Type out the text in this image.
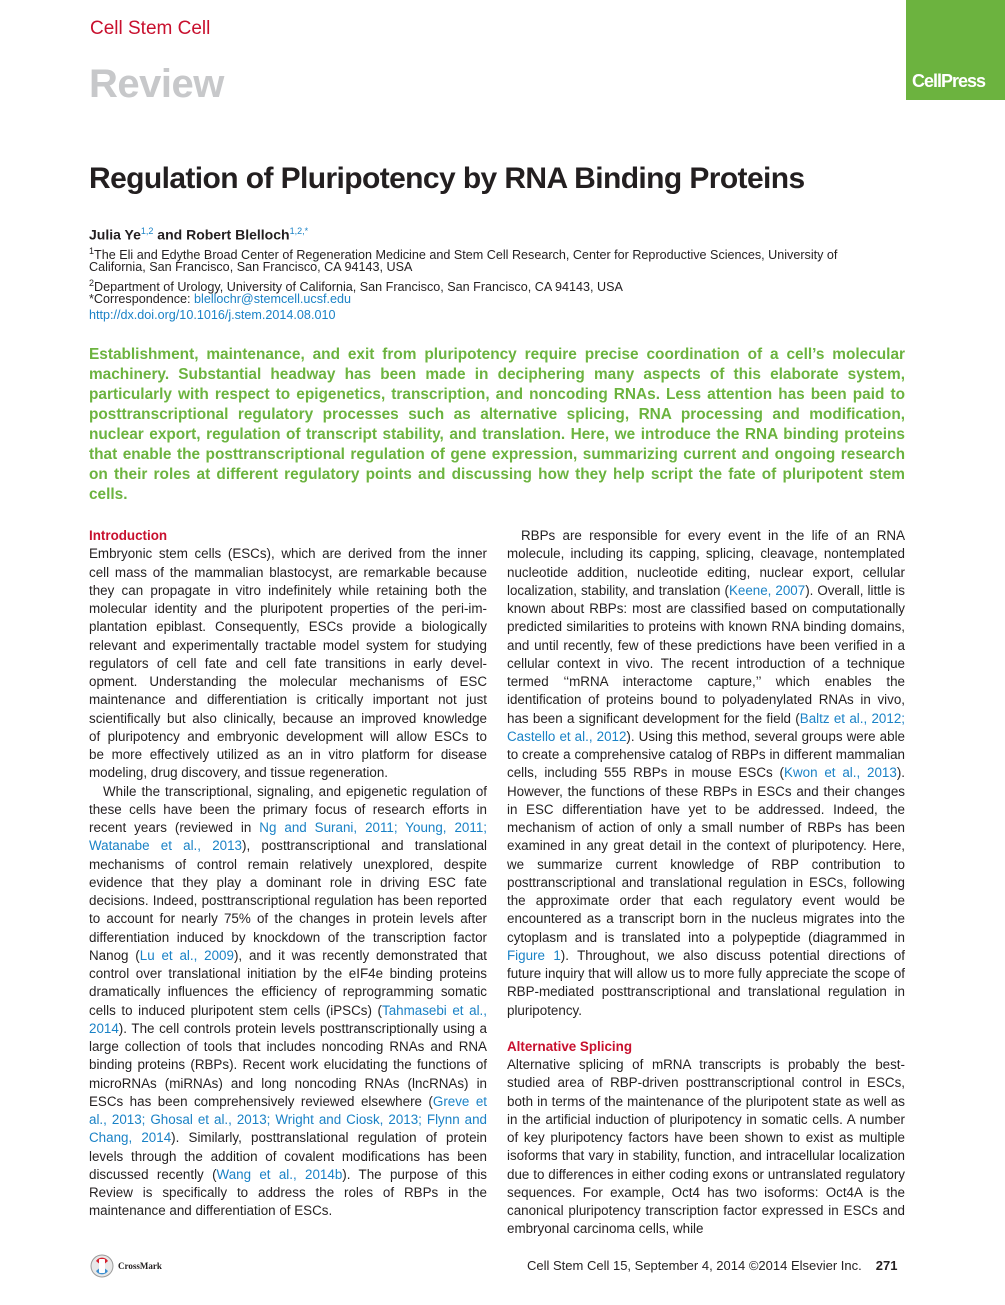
Cell Stem Cell
Review	CellPress
Regulation of Pluripotency by RNA Binding Proteins
Julia Ye$^{1,2}$ and Robert Blelloch$^{1,2,*}$
$^1$The Eli and Edythe Broad Center of Regeneration Medicine and Stem Cell Research, Center for Reproductive Sciences, University of
California, San Francisco, San Francisco, CA 94143, USA
$^2$Department of Urology, University of California, San Francisco, San Francisco, CA 94143, USA
*Correspondence: blellochr@stemcell.ucsf.edu
http://dx.doi.org/10.1016/j.stem.2014.08.010
Establishment, maintenance, and exit from pluripotency require precise coordination of a cell’s molecular machinery. Substantial headway has been made in deciphering many aspects of this elaborate system, particularly with respect to epigenetics, transcription, and noncoding RNAs. Less attention has been paid to posttranscriptional regulatory processes such as alternative splicing, RNA processing and modification, nuclear export, regulation of transcript stability, and translation. Here, we introduce the RNA binding proteins that enable the posttranscriptional regulation of gene expression, summarizing current and ongoing research on their roles at different regulatory points and discussing how they help script the fate of pluripotent stem cells.
Introduction
Embryonic stem cells (ESCs), which are derived from the inner
cell mass of the mammalian blastocyst, are remarkable because
they can propagate in vitro indefinitely while retaining both the
molecular identity and the pluripotent properties of the peri-im-
plantation epiblast. Consequently, ESCs provide a biologically
relevant and experimentally tractable model system for studying
regulators of cell fate and cell fate transitions in early devel-
opment. Understanding the molecular mechanisms of ESC
maintenance and differentiation is critically important not just
scientifically but also clinically, because an improved knowledge
of pluripotency and embryonic development will allow ESCs to
be more effectively utilized as an in vitro platform for disease
modeling, drug discovery, and tissue regeneration.

While the transcriptional, signaling, and epigenetic regulation of these cells have been the primary focus of research efforts in recent years (reviewed in Ng and Surani, 2011; Young, 2011; Watanabe et al., 2013), posttranscriptional and translational mechanisms of control remain relatively unexplored, despite evidence that they play a dominant role in driving ESC fate decisions. Indeed, posttranscriptional regulation has been reported to account for nearly 75% of the changes in protein levels after differentiation induced by knockdown of the transcription factor Nanog (Lu et al., 2009), and it was recently demonstrated that control over translational initiation by the eIF4e binding proteins dramatically influences the efficiency of reprogramming somatic cells to induced pluripotent stem cells (iPSCs) (Tahmasebi et al., 2014). The cell controls protein levels posttranscriptionally using a large collection of tools that includes noncoding RNAs and RNA binding proteins (RBPs). Recent work elucidating the functions of microRNAs (miRNAs) and long noncoding RNAs (lncRNAs) in ESCs has been comprehensively reviewed elsewhere (Greve et al., 2013; Ghosal et al., 2013; Wright and Ciosk, 2013; Flynn and Chang, 2014). Similarly, posttranslational regulation of protein levels through the addition of covalent modifications has been discussed recently (Wang et al., 2014b). The purpose of this Review is specifically to address the roles of RBPs in the maintenance and differentiation of ESCs.

RBPs are responsible for every event in the life of an RNA molecule, including its capping, splicing, cleavage, nontemplated nucleotide addition, nucleotide editing, nuclear export, cellular localization, stability, and translation (Keene, 2007). Overall, little is known about RBPs: most are classified based on computationally predicted similarities to proteins with known RNA binding domains, and until recently, few of these predictions have been verified in a cellular context in vivo. The recent introduction of a technique termed ‘‘mRNA interactome capture,’’ which enables the identification of proteins bound to polyadenylated RNAs in vivo, has been a significant development for the field (Baltz et al., 2012; Castello et al., 2012). Using this method, several groups were able to create a comprehensive catalog of RBPs in different mammalian cells, including 555 RBPs in mouse ESCs (Kwon et al., 2013). However, the functions of these RBPs in ESCs and their changes in ESC differentiation have yet to be addressed. Indeed, the mechanism of action of only a small number of RBPs has been examined in any great detail in the context of pluripotency. Here, we summarize current knowledge of RBP contribution to posttranscriptional and translational regulation in ESCs, following the approximate order that each regulatory event would be encountered as a transcript born in the nucleus migrates into the cytoplasm and is translated into a polypeptide (diagrammed in Figure 1). Throughout, we also discuss potential directions of future inquiry that will allow us to more fully appreciate the scope of RBP-mediated posttranscriptional and translational regulation in pluripotency.

Alternative Splicing

Alternative splicing of mRNA transcripts is probably the best-studied area of RBP-driven posttranscriptional control in ESCs, both in terms of the maintenance of the pluripotent state as well as in the artificial induction of pluripotency in somatic cells. A number of key pluripotency factors have been shown to exist as multiple isoforms that vary in stability, function, and intracellular localization due to differences in either coding exons or untranslated regulatory sequences. For example, Oct4 has two isoforms: Oct4A is the canonical pluripotency transcription factor expressed in ESCs and embryonal carcinoma cells, while

CrossMark	Cell Stem Cell 15, September 4, 2014 ©2014 Elsevier Inc. 271
